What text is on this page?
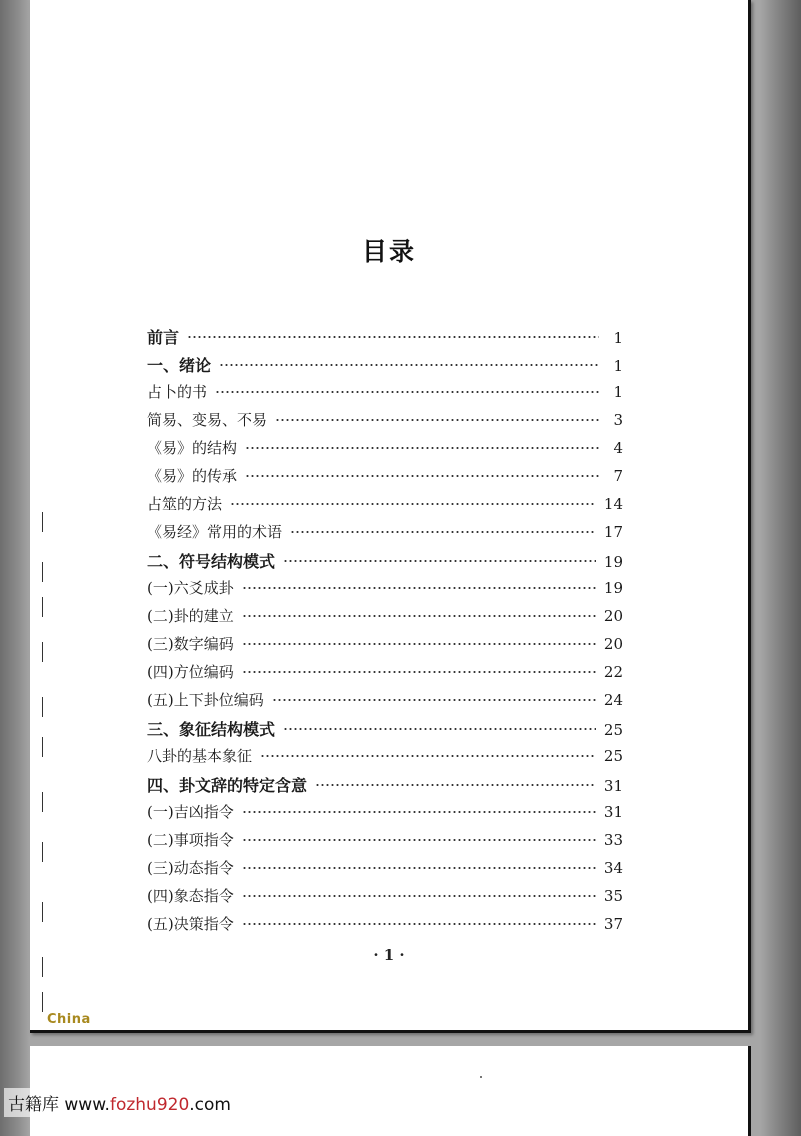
目录
前言	1
一、绪论	1
占卜的书	1
简易、变易、不易	3
《易》的结构	4
《易》的传承	7
占筮的方法	14
《易经》常用的术语	17
二、符号结构模式	19
(一)六爻成卦	19
(二)卦的建立	20
(三)数字编码	20
(四)方位编码	22
(五)上下卦位编码	24
三、象征结构模式	25
八卦的基本象征	25
四、卦文辞的特定含意	31
(一)吉凶指令	31
(二)事项指令	33
(三)动态指令	34
(四)象态指令	35
(五)决策指令	37
· 1 ·
China
古籍库 www.fozhu920.com
